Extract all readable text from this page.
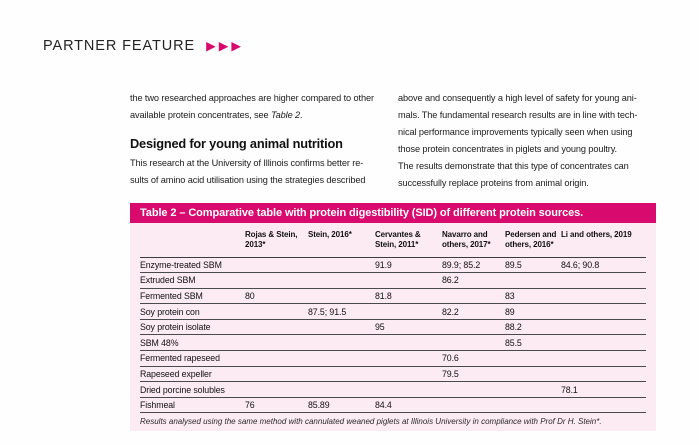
PARTNER FEATURE ▶ ▶ ▶
the two researched approaches are higher compared to other
available protein concentrates, see Table 2.
Designed for young animal nutrition
This research at the University of Illinois confirms better re-
sults of amino acid utilisation using the strategies described
above and consequently a high level of safety for young ani-
mals. The fundamental research results are in line with tech-
nical performance improvements typically seen when using
those protein concentrates in piglets and young poultry.
The results demonstrate that this type of concentrates can
successfully replace proteins from animal origin.
Table 2 – Comparative table with protein digestibility (SID) of different protein sources.
	Rojas & Stein, 2013*	Stein, 2016*	Cervantes & Stein, 2011*	Navarro and others, 2017*	Pedersen and others, 2016*	Li and others, 2019
Enzyme-treated SBM			91.9	89.9; 85.2	89.5	84.6; 90.8
Extruded SBM				86.2		
Fermented SBM	80		81.8		83	
Soy protein con		87.5; 91.5		82.2	89	
Soy protein isolate			95		88.2	
SBM 48%					85.5	
Fermented rapeseed				70.6		
Rapeseed expeller				79.5		
Dried porcine solubles						78.1
Fishmeal	76	85.89	84.4			
Results analysed using the same method with cannulated weaned piglets at Illinois University in compliance with Prof Dr H. Stein*.
